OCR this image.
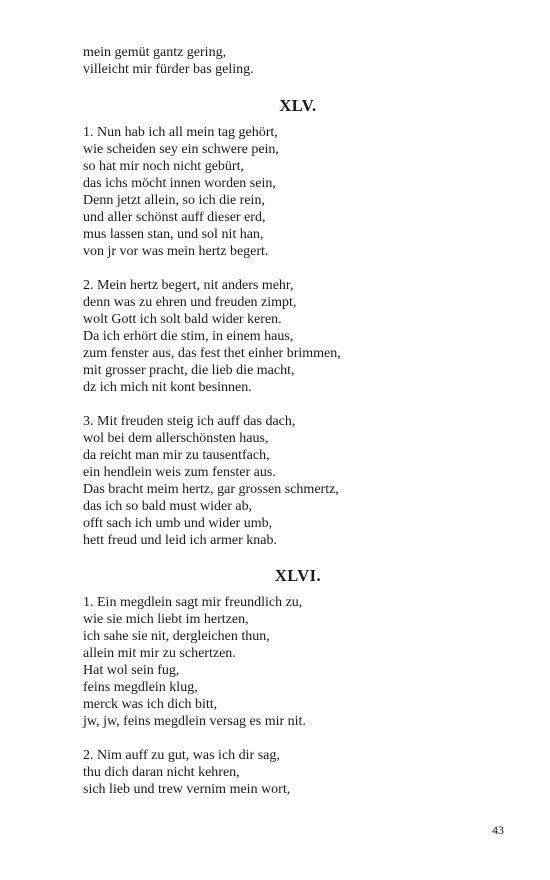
mein gemüt gantz gering,
villeicht mir fürder bas geling.
XLV.
1. Nun hab ich all mein tag gehört,
wie scheiden sey ein schwere pein,
so hat mir noch nicht gebürt,
das ichs möcht innen worden sein,
Denn jetzt allein, so ich die rein,
und aller schönst auff dieser erd,
mus lassen stan, und sol nit han,
von jr vor was mein hertz begert.
2. Mein hertz begert, nit anders mehr,
denn was zu ehren und freuden zimpt,
wolt Gott ich solt bald wider keren.
Da ich erhört die stim, in einem haus,
zum fenster aus, das fest thet einher brimmen,
mit grosser pracht, die lieb die macht,
dz ich mich nit kont besinnen.
3. Mit freuden steig ich auff das dach,
wol bei dem allerschönsten haus,
da reicht man mir zu tausentfach,
ein hendlein weis zum fenster aus.
Das bracht meim hertz, gar grossen schmertz,
das ich so bald must wider ab,
offt sach ich umb und wider umb,
hett freud und leid ich armer knab.
XLVI.
1. Ein megdlein sagt mir freundlich zu,
wie sie mich liebt im hertzen,
ich sahe sie nit, dergleichen thun,
allein mit mir zu schertzen.
Hat wol sein fug,
feins megdlein klug,
merck was ich dich bitt,
jw, jw, feins megdlein versag es mir nit.
2. Nim auff zu gut, was ich dir sag,
thu dich daran nicht kehren,
sich lieb und trew vernim mein wort,
43
